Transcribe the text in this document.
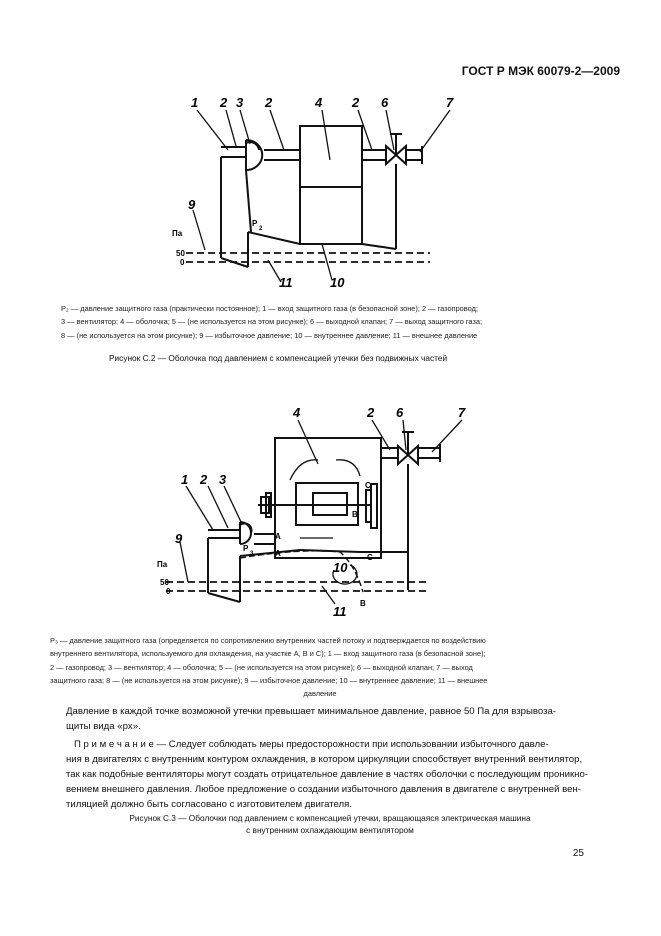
ГОСТ Р МЭК 60079-2—2009
1 2 3 2	4 2 6	7
9
P
2
Па
50
0
11	10
P₂ — давление защитного газа (практически постоянное); 1 — вход защитного газа (в безопасной зоне); 2 — газопровод;
3 — вентилятор; 4 — оболочка; 5 — (не используется на этом рисунке); 6 — выходной клапан; 7 — выход защитного газа;
8 — (не используется на этом рисунке); 9 — избыточное давление; 10 — внутреннее давление; 11 — внешнее давление
Рисунок С.2 — Оболочка под давлением с компенсацией утечки без подвижных частей
4	2 6	7
1 2 3
9
P
3
Па
50
0
A
A
B
B
C
C
10
11
P₃ — давление защитного газа (определяется по сопротивлению внутренних частей потоку и подтверждается по воздействию
внутреннего вентилятора, используемого для охлаждения, на участке А, В и С); 1 — вход защитного газа (в безопасной зоне);
2 — газопровод; 3 — вентилятор; 4 — оболочка; 5 — (не используется на этом рисунке); 6 — выходной клапан; 7 — выход
защитного газа; 8 — (не используется на этом рисунке); 9 — избыточное давление; 10 — внутреннее давление; 11 — внешнее
давление
Давление в каждой точке возможной утечки превышает минимальное давление, равное 50 Па для взрывоза-
щиты вида «px».
П р и м е ч а н и е — Следует соблюдать меры предосторожности при использовании избыточного давле-
ния в двигателях с внутренним контуром охлаждения, в котором циркуляции способствует внутренний вентилятор,
так как подобные вентиляторы могут создать отрицательное давление в частях оболочки с последующим проникно-
вением внешнего давления. Любое предложение о создании избыточного давления в двигателе с внутренней вен-
тиляцией должно быть согласовано с изготовителем двигателя.
Рисунок С.3 — Оболочки под давлением с компенсацией утечки, вращающаяся электрическая машина
с внутренним охлаждающим вентилятором
25
